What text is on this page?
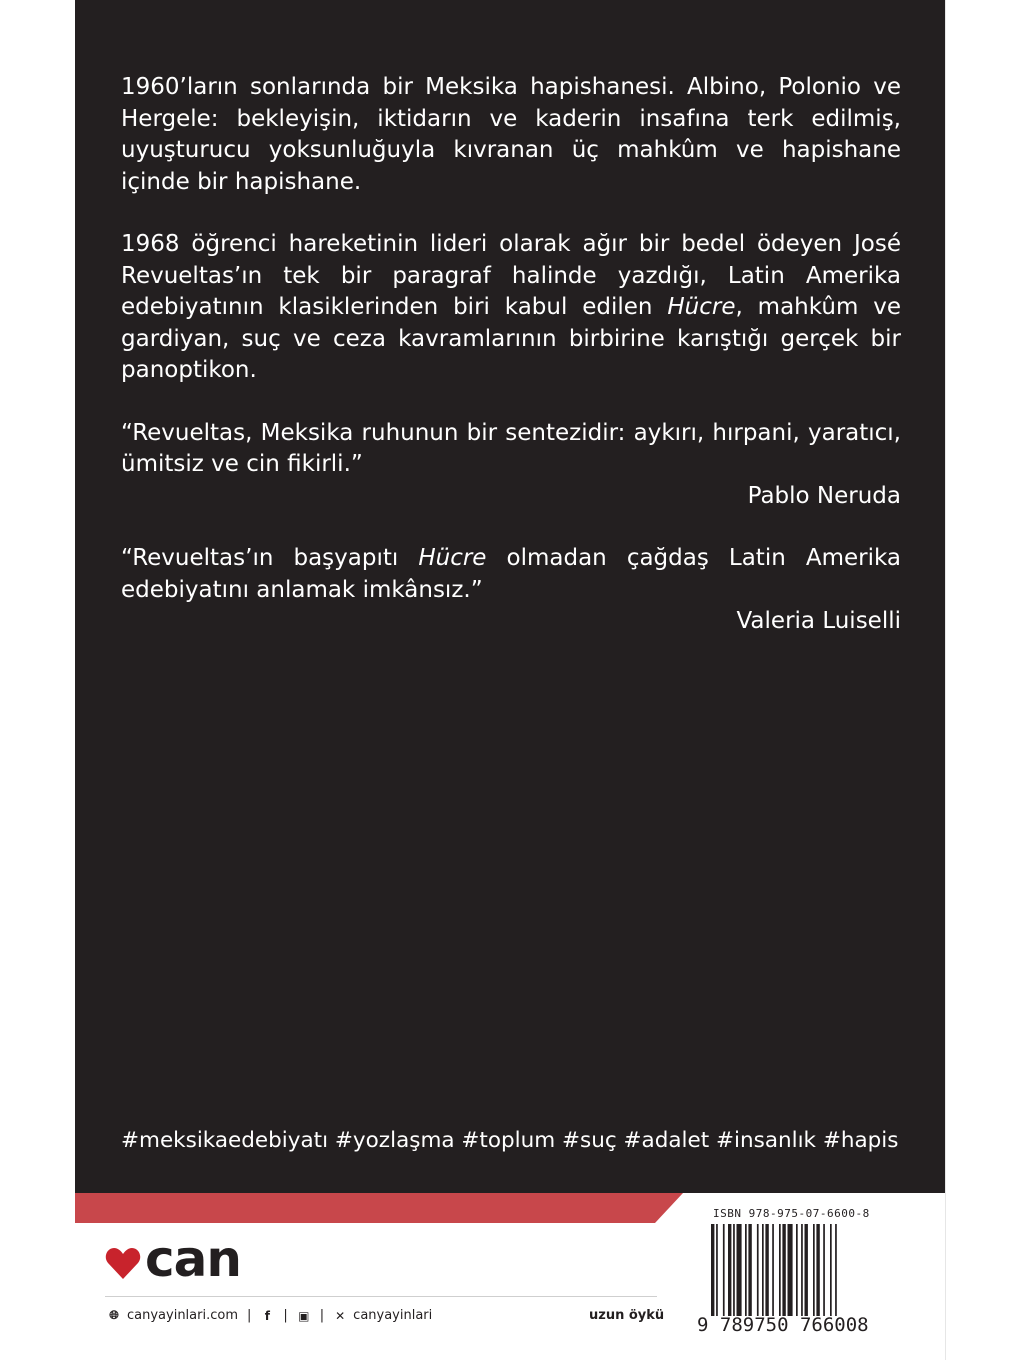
1960’ların sonlarında bir Meksika hapishanesi. Albino, Polonio ve Hergele: bekleyişin, iktidarın ve kaderin insafına terk edilmiş, uyuşturucu yoksunluğuyla kıvranan üç mahkûm ve hapishane içinde bir hapishane.

1968 öğrenci hareketinin lideri olarak ağır bir bedel ödeyen José Revueltas’ın tek bir paragraf halinde yazdığı, Latin Amerika edebiyatının klasiklerinden biri kabul edilen Hücre, mahkûm ve gardiyan, suç ve ceza kavramlarının birbirine karıştığı gerçek bir panoptikon.

“Revueltas, Meksika ruhunun bir sentezidir: aykırı, hırpani, yaratıcı, ümitsiz ve cin fikirli.”

Pablo Neruda

“Revueltas’ın başyapıtı Hücre olmadan çağdaş Latin Amerika edebiyatını anlamak imkânsız.”

Valeria Luiselli
#meksikaedebiyatı #yozlaşma #toplum #suç #adalet #insanlık #hapis
can
🌐︎ canyayinlari.com |	f	| ▣ | ✕ canyayinlari	uzun öykü
ISBN 978-975-07-6600-8
9 789750 766008
